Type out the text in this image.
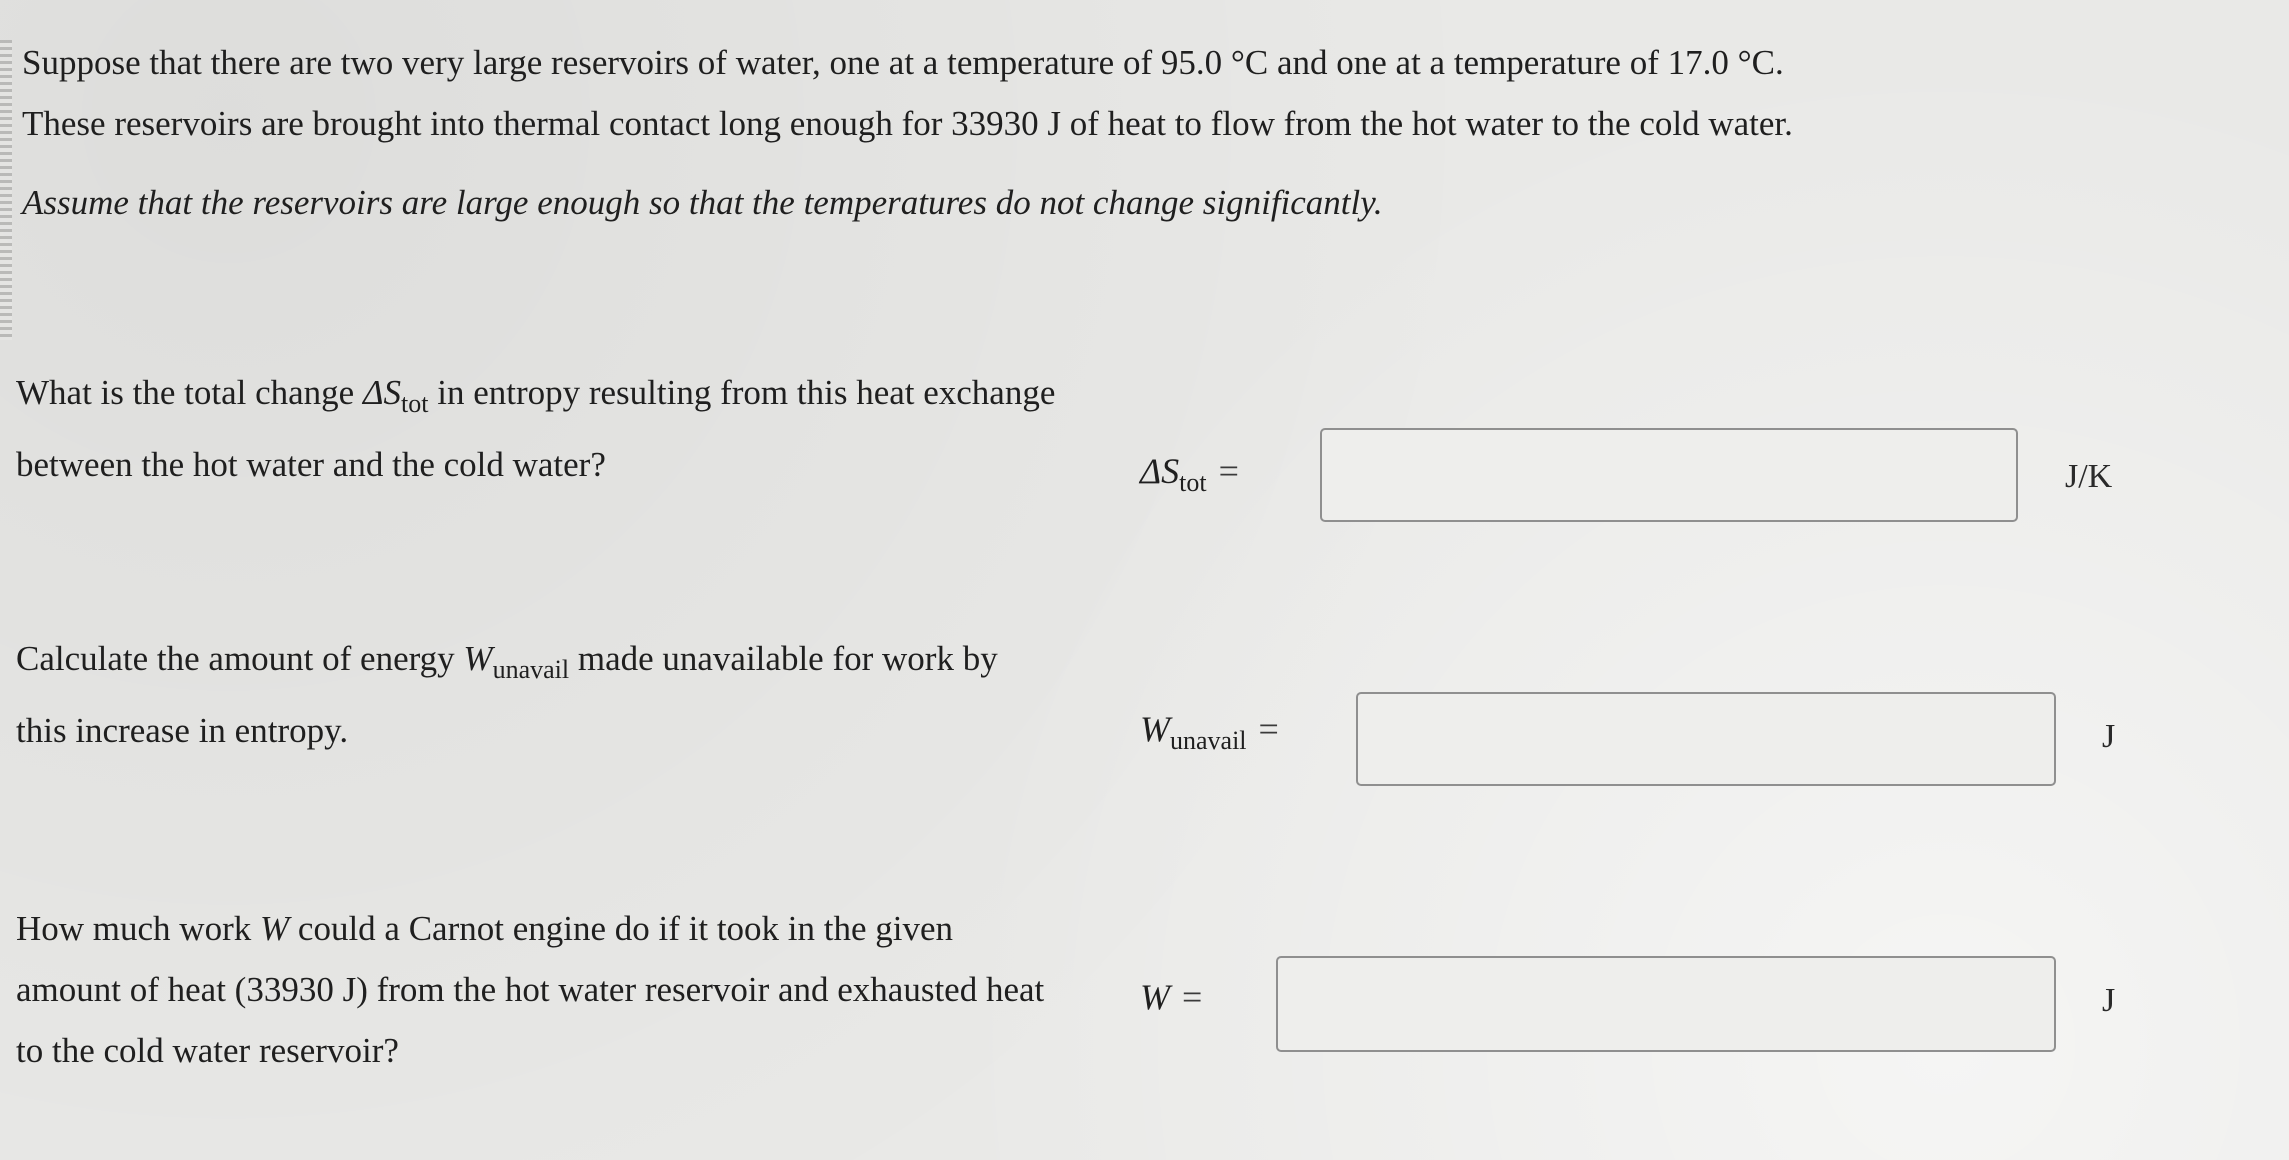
Suppose that there are two very large reservoirs of water, one at a temperature of 95.0 °C and one at a temperature of 17.0 °C.

These reservoirs are brought into thermal contact long enough for 33930 J of heat to flow from the hot water to the cold water.

Assume that the reservoirs are large enough so that the temperatures do not change significantly.

What is the total change $\Delta S_{tot}$ in entropy resulting from this heat exchange between the hot water and the cold water?	$\Delta S_{tot}$ =	J/K
Calculate the amount of energy $W_{unavail}$ made unavailable for work by this increase in entropy.	$W_{unavail}$ =	J
How much work W could a Carnot engine do if it took in the given amount of heat (33930 J) from the hot water reservoir and exhausted heat to the cold water reservoir?
W =	J
